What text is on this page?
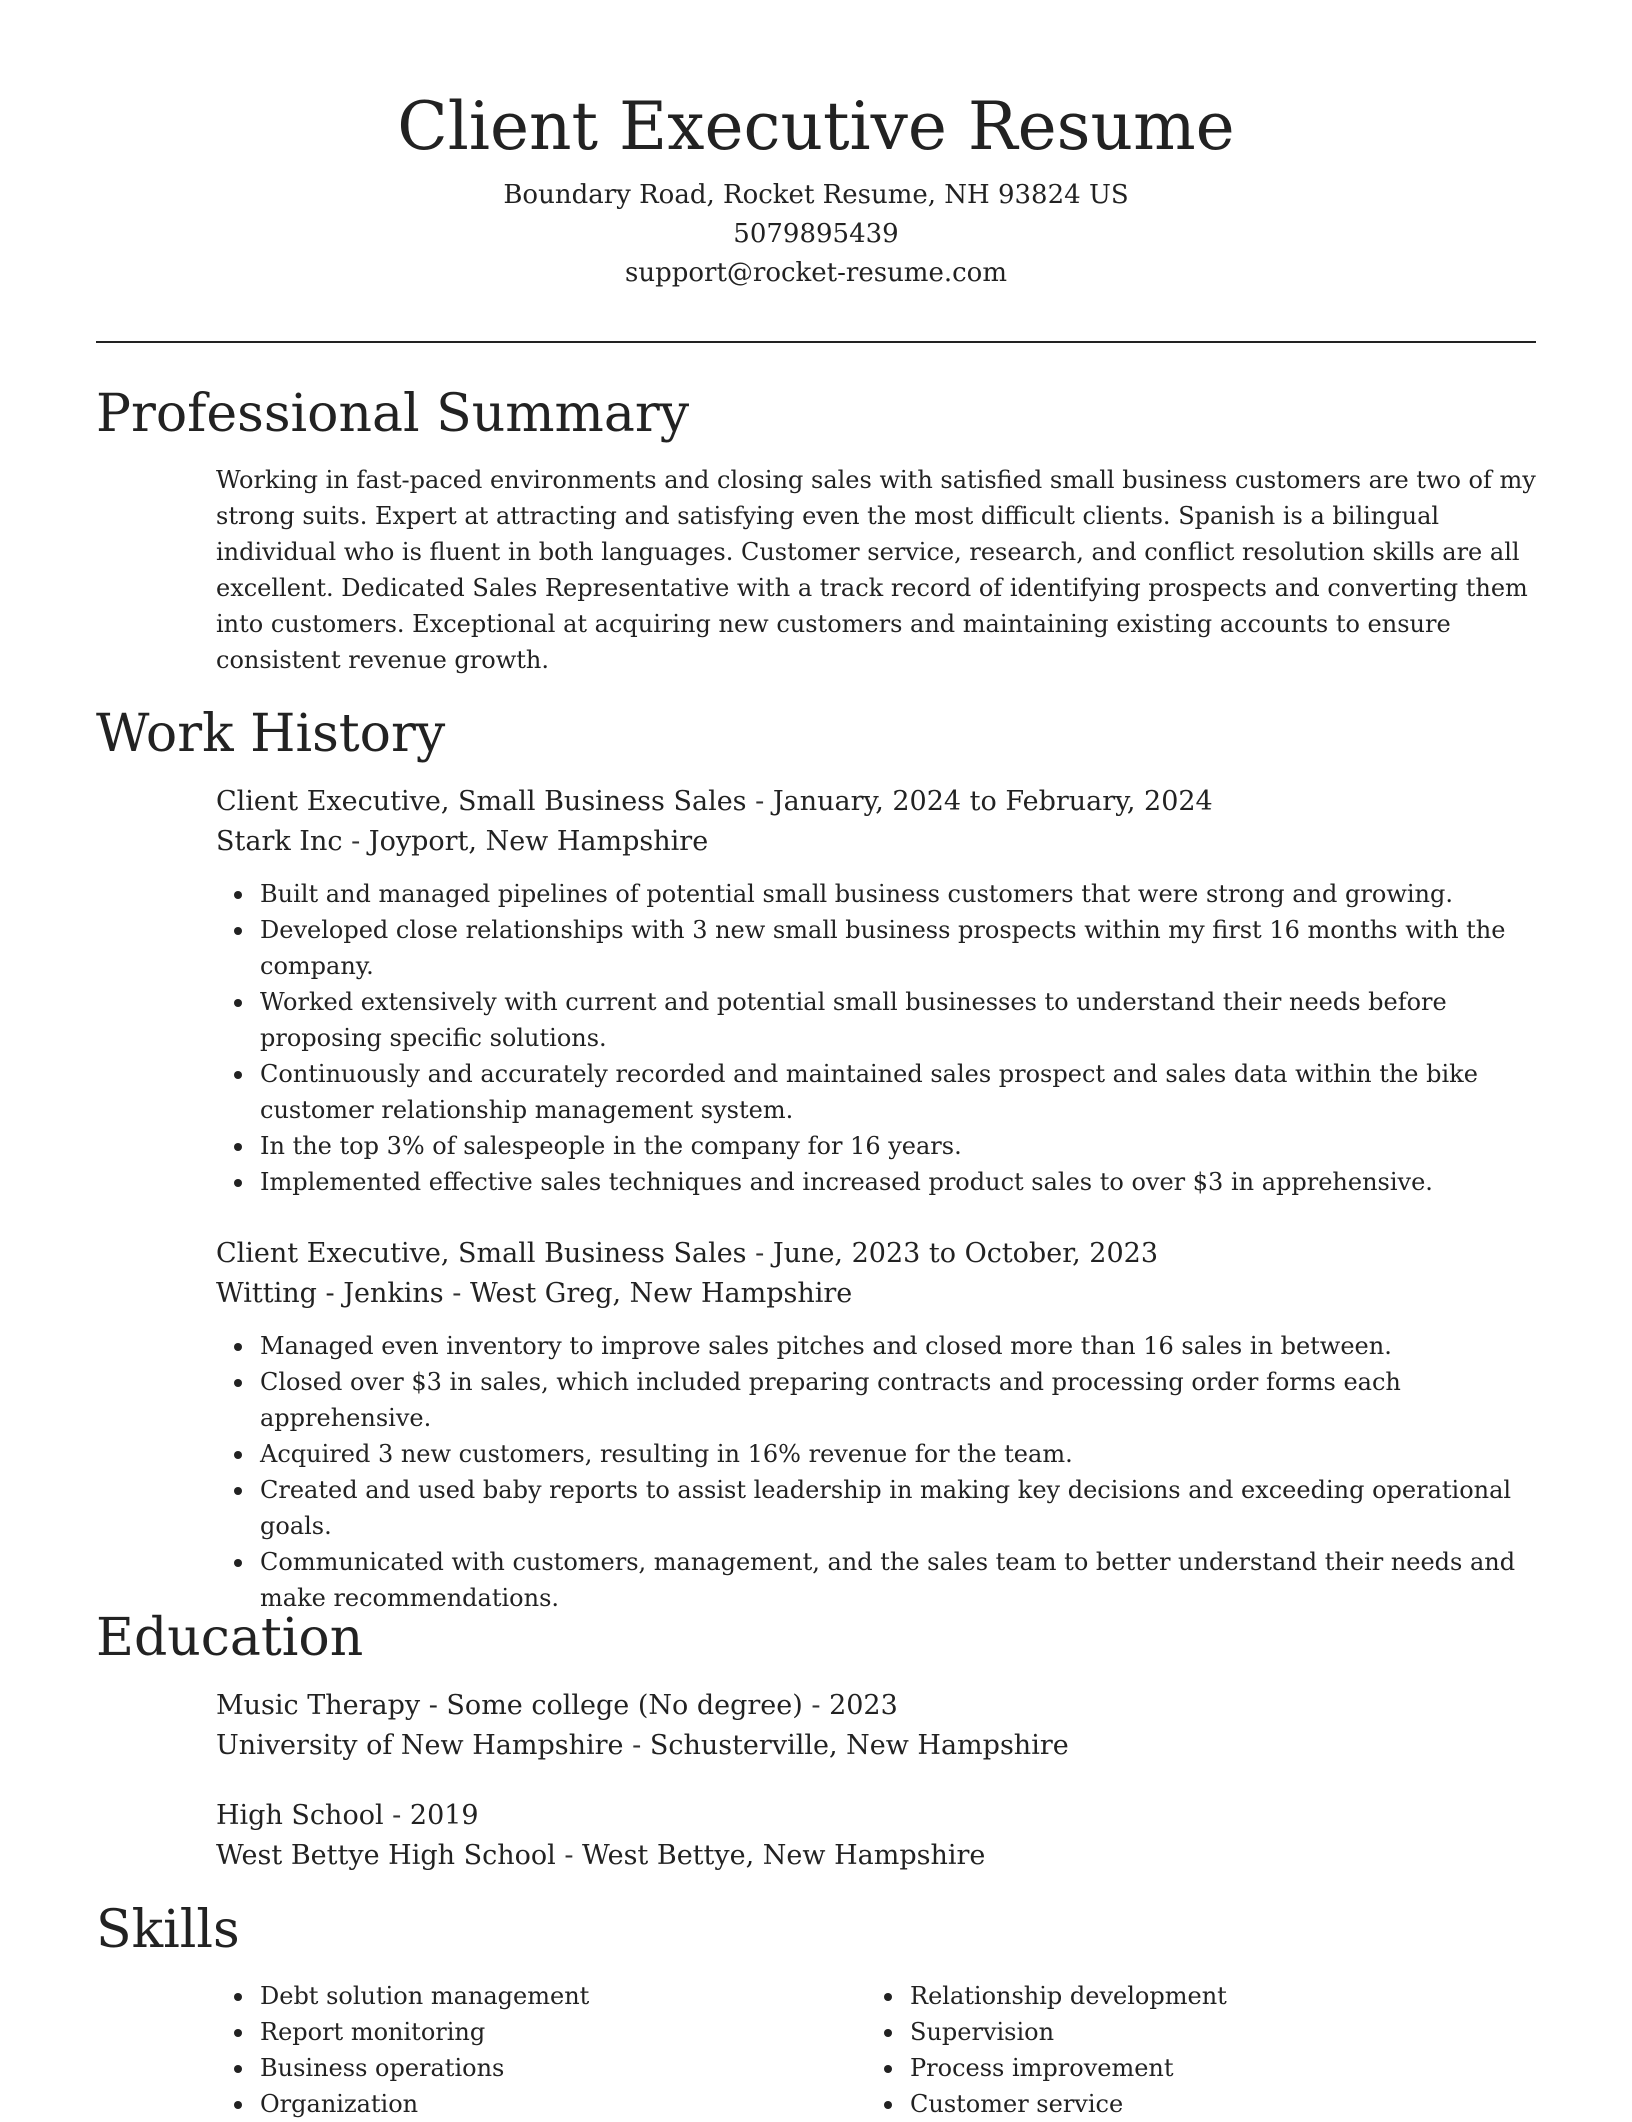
Client Executive Resume
Boundary Road, Rocket Resume, NH 93824 US
5079895439
support@rocket-resume.com
Professional Summary

Working in fast-paced environments and closing sales with satisfied small business customers are two of my strong suits. Expert at attracting and satisfying even the most difficult clients. Spanish is a bilingual individual who is fluent in both languages. Customer service, research, and conflict resolution skills are all excellent. Dedicated Sales Representative with a track record of identifying prospects and converting them into customers. Exceptional at acquiring new customers and maintaining existing accounts to ensure consistent revenue growth.

Work History
Client Executive, Small Business Sales - January, 2024 to February, 2024
Stark Inc - Joyport, New Hampshire
Built and managed pipelines of potential small business customers that were strong and growing.
Developed close relationships with 3 new small business prospects within my first 16 months with the company.
Worked extensively with current and potential small businesses to understand their needs before proposing specific solutions.
Continuously and accurately recorded and maintained sales prospect and sales data within the bike customer relationship management system.
In the top 3% of salespeople in the company for 16 years.
Implemented effective sales techniques and increased product sales to over $3 in apprehensive.
Client Executive, Small Business Sales - June, 2023 to October, 2023
Witting - Jenkins - West Greg, New Hampshire
Managed even inventory to improve sales pitches and closed more than 16 sales in between.
Closed over $3 in sales, which included preparing contracts and processing order forms each apprehensive.
Acquired 3 new customers, resulting in 16% revenue for the team.
Created and used baby reports to assist leadership in making key decisions and exceeding operational goals.
Communicated with customers, management, and the sales team to better understand their needs and make recommendations.
Education
Music Therapy - Some college (No degree) - 2023
University of New Hampshire - Schusterville, New Hampshire
High School - 2019
West Bettye High School - West Bettye, New Hampshire
Skills
Debt solution management
Report monitoring
Business operations
Organization
Relationship development
Supervision
Process improvement
Customer service
